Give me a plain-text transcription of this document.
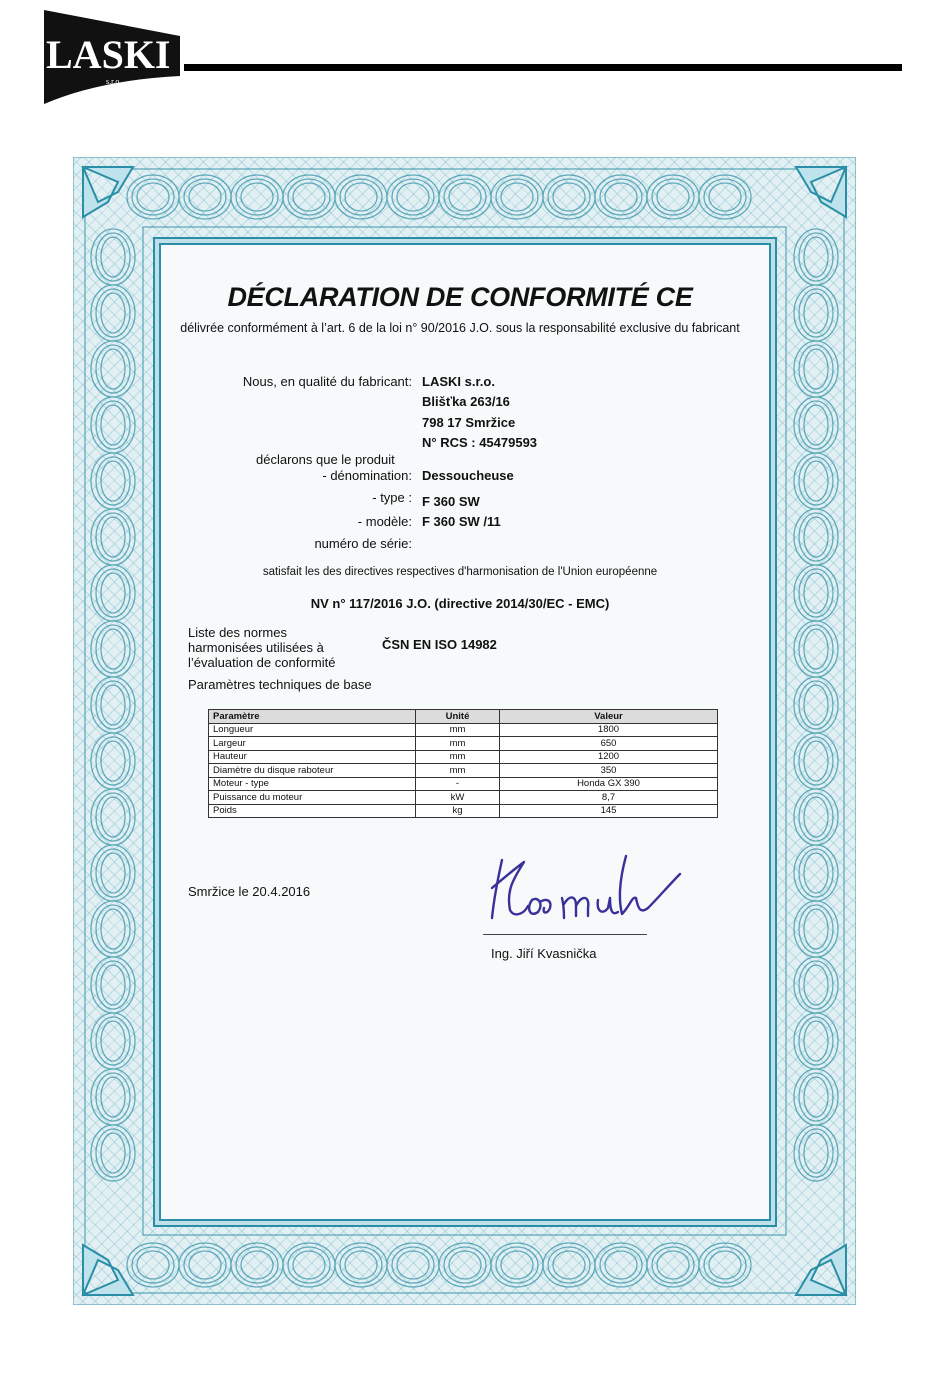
LASKI
s.r.o.
DÉCLARATION DE CONFORMITÉ CE
délivrée conformément à l’art. 6 de la loi n° 90/2016 J.O. sous la responsabilité exclusive du fabricant
Nous, en qualité du fabricant: LASKI s.r.o.
Blišťka 263/16
798 17 Smržice
N° RCS : 45479593
déclarons que le produit
- dénomination: Dessoucheuse
- type : F 360 SW
- modèle: F 360 SW /11
numéro de série:
satisfait les des directives respectives d'harmonisation de l'Union européenne
NV n° 117/2016 J.O. (directive 2014/30/EC - EMC)
Liste des normes
harmonisées utilisées à
l’évaluation de conformité
ČSN EN ISO 14982
Paramètres techniques de base
Paramètre	Unité	Valeur
Longueur	mm	1800
Largeur	mm	650
Hauteur	mm	1200
Diamètre du disque raboteur	mm	350
Moteur - type	-	Honda GX 390
Puissance du moteur	kW	8,7
Poids	kg	145
Smržice le 20.4.2016
Ing. Jiří Kvasnička
